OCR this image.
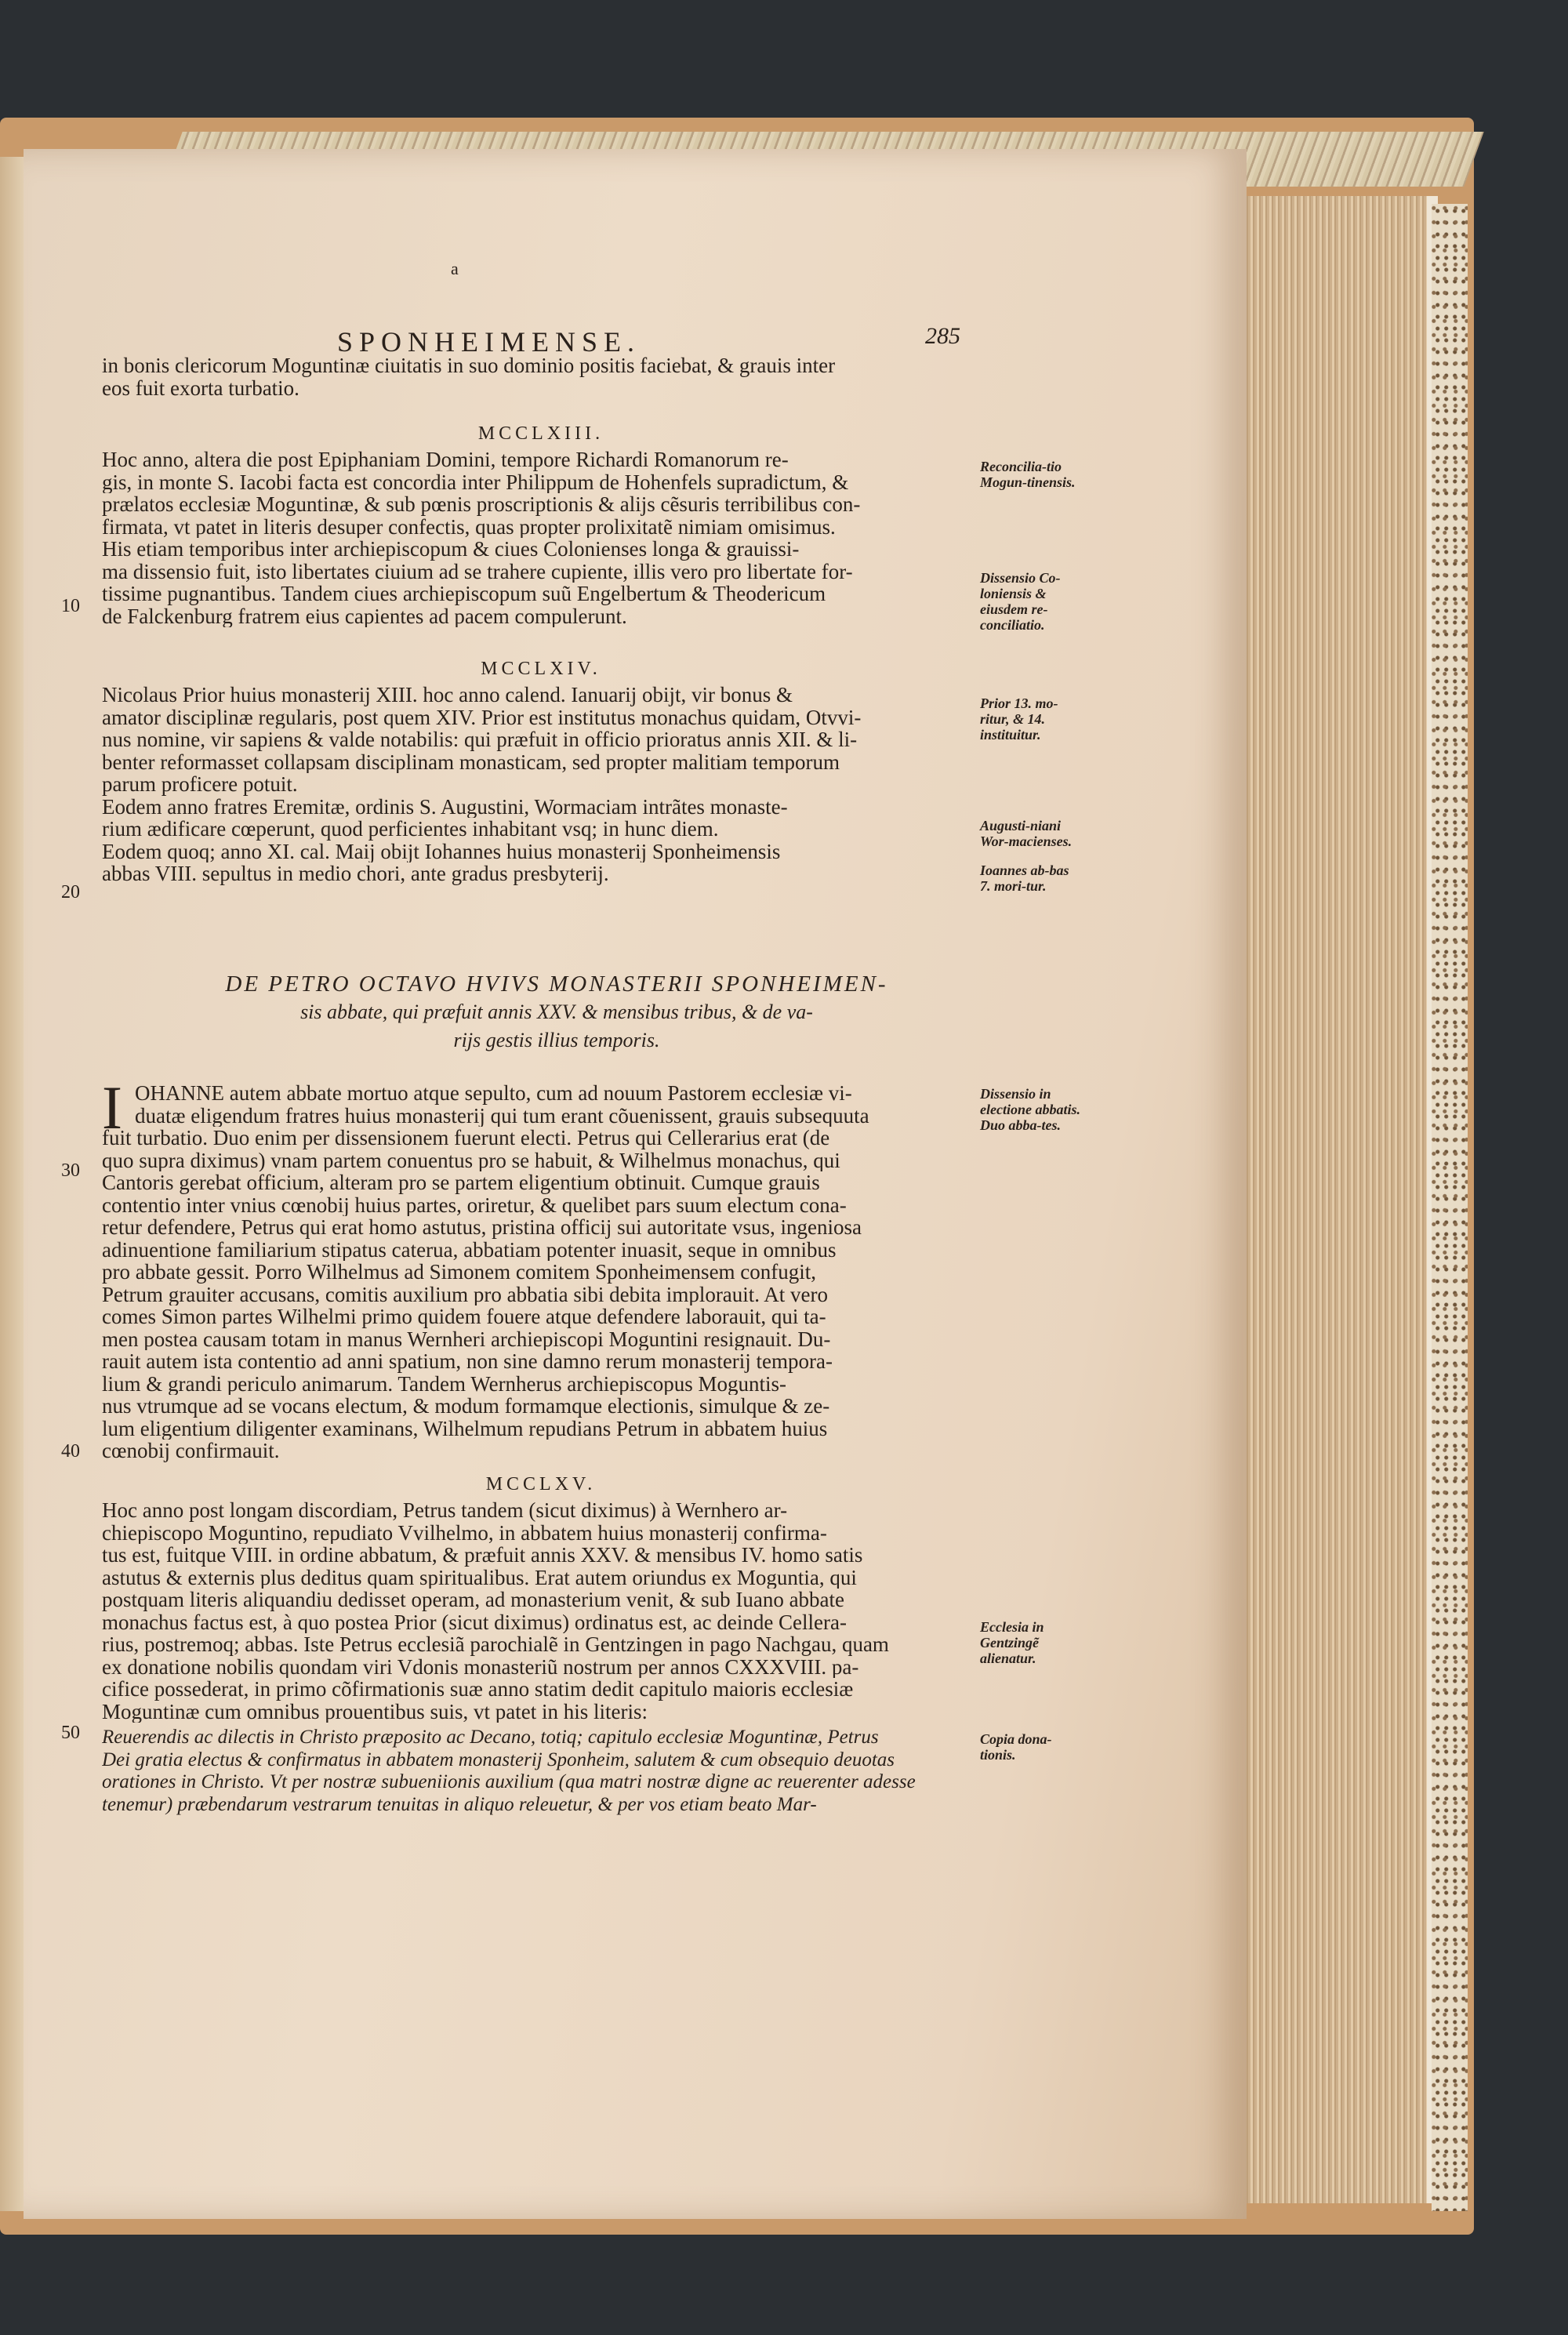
a
SPONHEIMENSE.	285
10
20
30
40
50
in bonis clericorum Moguntinæ ciuitatis in suo dominio positis faciebat, & grauis inter
eos fuit exorta turbatio.
MCCLXIII.
Hoc anno, altera die post Epiphaniam Domini, tempore Richardi Romanorum re-
gis, in monte S. Iacobi facta est concordia inter Philippum de Hohenfels supradictum, &
prælatos ecclesiæ Moguntinæ, & sub pœnis proscriptionis & alijs cẽsuris terribilibus con-
firmata, vt patet in literis desuper confectis, quas propter prolixitatẽ nimiam omisimus.
His etiam temporibus inter archiepiscopum & ciues Colonienses longa & grauissi-
ma dissensio fuit, isto libertates ciuium ad se trahere cupiente, illis vero pro libertate for-
tissime pugnantibus. Tandem ciues archiepiscopum suũ Engelbertum & Theodericum
de Falckenburg fratrem eius capientes ad pacem compulerunt.
MCCLXIV.
Nicolaus Prior huius monasterij XIII. hoc anno calend. Ianuarij obijt, vir bonus &
amator disciplinæ regularis, post quem XIV. Prior est institutus monachus quidam, Otvvi-
nus nomine, vir sapiens & valde notabilis: qui præfuit in officio prioratus annis XII. & li-
benter reformasset collapsam disciplinam monasticam, sed propter malitiam temporum
parum proficere potuit.
Eodem anno fratres Eremitæ, ordinis S. Augustini, Wormaciam intrãtes monaste-
rium ædificare cœperunt, quod perficientes inhabitant vsq; in hunc diem.
Eodem quoq; anno XI. cal. Maij obijt Iohannes huius monasterij Sponheimensis
abbas VIII. sepultus in medio chori, ante gradus presbyterij.
DE PETRO OCTAVO HVIVS MONASTERII SPONHEIMEN-
sis abbate, qui præfuit annis XXV. & mensibus tribus, & de va-
rijs gestis illius temporis.
I OHANNE autem abbate mortuo atque sepulto, cum ad nouum Pastorem ecclesiæ vi-
duatæ eligendum fratres huius monasterij qui tum erant cõuenissent, grauis subsequuta
fuit turbatio. Duo enim per dissensionem fuerunt electi. Petrus qui Cellerarius erat (de
quo supra diximus) vnam partem conuentus pro se habuit, & Wilhelmus monachus, qui
Cantoris gerebat officium, alteram pro se partem eligentium obtinuit. Cumque grauis
contentio inter vnius cœnobij huius partes, oriretur, & quelibet pars suum electum cona-
retur defendere, Petrus qui erat homo astutus, pristina officij sui autoritate vsus, ingeniosa
adinuentione familiarium stipatus caterua, abbatiam potenter inuasit, seque in omnibus
pro abbate gessit. Porro Wilhelmus ad Simonem comitem Sponheimensem confugit,
Petrum grauiter accusans, comitis auxilium pro abbatia sibi debita implorauit. At vero
comes Simon partes Wilhelmi primo quidem fouere atque defendere laborauit, qui ta-
men postea causam totam in manus Wernheri archiepiscopi Moguntini resignauit. Du-
rauit autem ista contentio ad anni spatium, non sine damno rerum monasterij tempora-
lium & grandi periculo animarum. Tandem Wernherus archiepiscopus Moguntis-
nus vtrumque ad se vocans electum, & modum formamque electionis, simulque & ze-
lum eligentium diligenter examinans, Wilhelmum repudians Petrum in abbatem huius
cœnobij confirmauit.
MCCLXV.
Hoc anno post longam discordiam, Petrus tandem (sicut diximus) à Wernhero ar-
chiepiscopo Moguntino, repudiato Vvilhelmo, in abbatem huius monasterij confirma-
tus est, fuitque VIII. in ordine abbatum, & præfuit annis XXV. & mensibus IV. homo satis
astutus & externis plus deditus quam spiritualibus. Erat autem oriundus ex Moguntia, qui
postquam literis aliquandiu dedisset operam, ad monasterium venit, & sub Iuano abbate
monachus factus est, à quo postea Prior (sicut diximus) ordinatus est, ac deinde Cellera-
rius, postremoq; abbas. Iste Petrus ecclesiã parochialẽ in Gentzingen in pago Nachgau, quam
ex donatione nobilis quondam viri Vdonis monasteriũ nostrum per annos CXXXVIII. pa-
cifice possederat, in primo cõfirmationis suæ anno statim dedit capitulo maioris ecclesiæ
Moguntinæ cum omnibus prouentibus suis, vt patet in his literis:
Reuerendis ac dilectis in Christo præposito ac Decano, totiq; capitulo ecclesiæ Moguntinæ, Petrus
Dei gratia electus & confirmatus in abbatem monasterij Sponheim, salutem & cum obsequio deuotas
orationes in Christo. Vt per nostræ subueniionis auxilium (qua matri nostræ digne ac reuerenter adesse
tenemur) præbendarum vestrarum tenuitas in aliquo releuetur, & per vos etiam beato Mar-
Reconcilia-tio Mogun-tinensis.
Dissensio Co-loniensis & eiusdem re-conciliatio.
Prior 13. mo-ritur, & 14. instituitur.
Augusti-niani Wor-macienses.
Ioannes ab-bas 7. mori-tur.
Dissensio in electione abbatis. Duo abba-tes.
Ecclesia in Gentzingẽ alienatur.
Copia dona-tionis.
